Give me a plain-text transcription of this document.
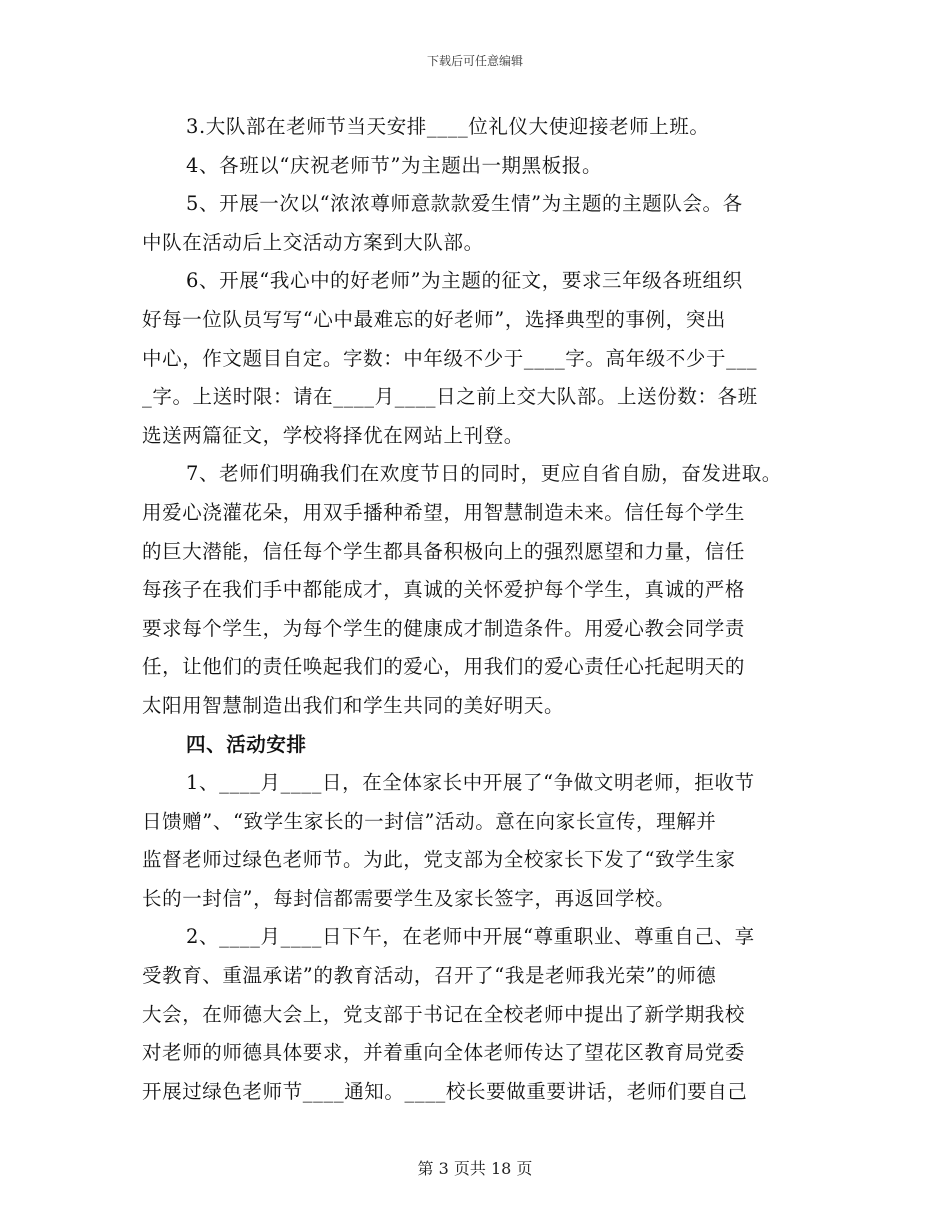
下载后可任意编辑
3.大队部在老师节当天安排____位礼仪大使迎接老师上班。
4、各班以“庆祝老师节”为主题出一期黑板报。
5、开展一次以“浓浓尊师意款款爱生情”为主题的主题队会。各
中队在活动后上交活动方案到大队部。
6、开展“我心中的好老师”为主题的征文，要求三年级各班组织
好每一位队员写写“心中最难忘的好老师”，选择典型的事例，突出
中心，作文题目自定。字数：中年级不少于____字。高年级不少于___
_字。上送时限：请在____月____日之前上交大队部。上送份数：各班
选送两篇征文，学校将择优在网站上刊登。
7、老师们明确我们在欢度节日的同时，更应自省自励，奋发进取。
用爱心浇灌花朵，用双手播种希望，用智慧制造未来。信任每个学生
的巨大潜能，信任每个学生都具备积极向上的强烈愿望和力量，信任
每孩子在我们手中都能成才，真诚的关怀爱护每个学生，真诚的严格
要求每个学生，为每个学生的健康成才制造条件。用爱心教会同学责
任，让他们的责任唤起我们的爱心，用我们的爱心责任心托起明天的
太阳用智慧制造出我们和学生共同的美好明天。
四、活动安排
1、____月____日，在全体家长中开展了“争做文明老师，拒收节
日馈赠”、“致学生家长的一封信”活动。意在向家长宣传，理解并
监督老师过绿色老师节。为此，党支部为全校家长下发了“致学生家
长的一封信”，每封信都需要学生及家长签字，再返回学校。
2、____月____日下午，在老师中开展“尊重职业、尊重自己、享
受教育、重温承诺”的教育活动，召开了“我是老师我光荣”的师德
大会，在师德大会上，党支部于书记在全校老师中提出了新学期我校
对老师的师德具体要求，并着重向全体老师传达了望花区教育局党委
开展过绿色老师节____通知。____校长要做重要讲话，老师们要自己
第 3 页共 18 页
